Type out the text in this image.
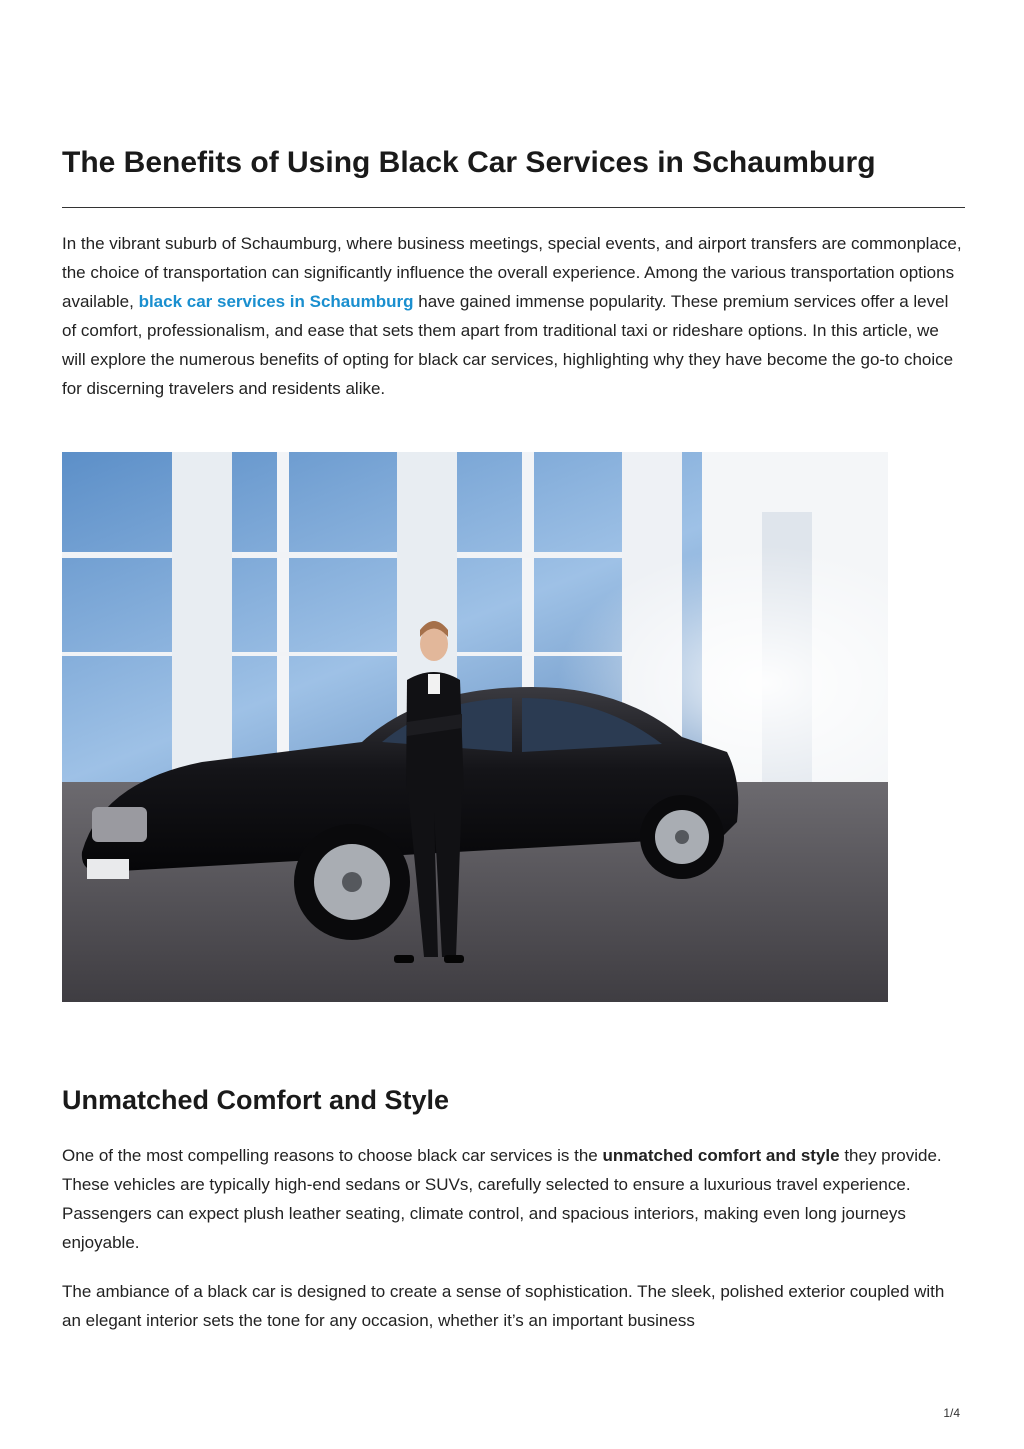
The Benefits of Using Black Car Services in Schaumburg

In the vibrant suburb of Schaumburg, where business meetings, special events, and airport transfers are commonplace, the choice of transportation can significantly influence the overall experience. Among the various transportation options available, black car services in Schaumburg have gained immense popularity. These premium services offer a level of comfort, professionalism, and ease that sets them apart from traditional taxi or rideshare options. In this article, we will explore the numerous benefits of opting for black car services, highlighting why they have become the go-to choice for discerning travelers and residents alike.

Unmatched Comfort and Style

One of the most compelling reasons to choose black car services is the unmatched comfort and style they provide. These vehicles are typically high-end sedans or SUVs, carefully selected to ensure a luxurious travel experience. Passengers can expect plush leather seating, climate control, and spacious interiors, making even long journeys enjoyable.

The ambiance of a black car is designed to create a sense of sophistication. The sleek, polished exterior coupled with an elegant interior sets the tone for any occasion, whether it’s an important business

1/4
